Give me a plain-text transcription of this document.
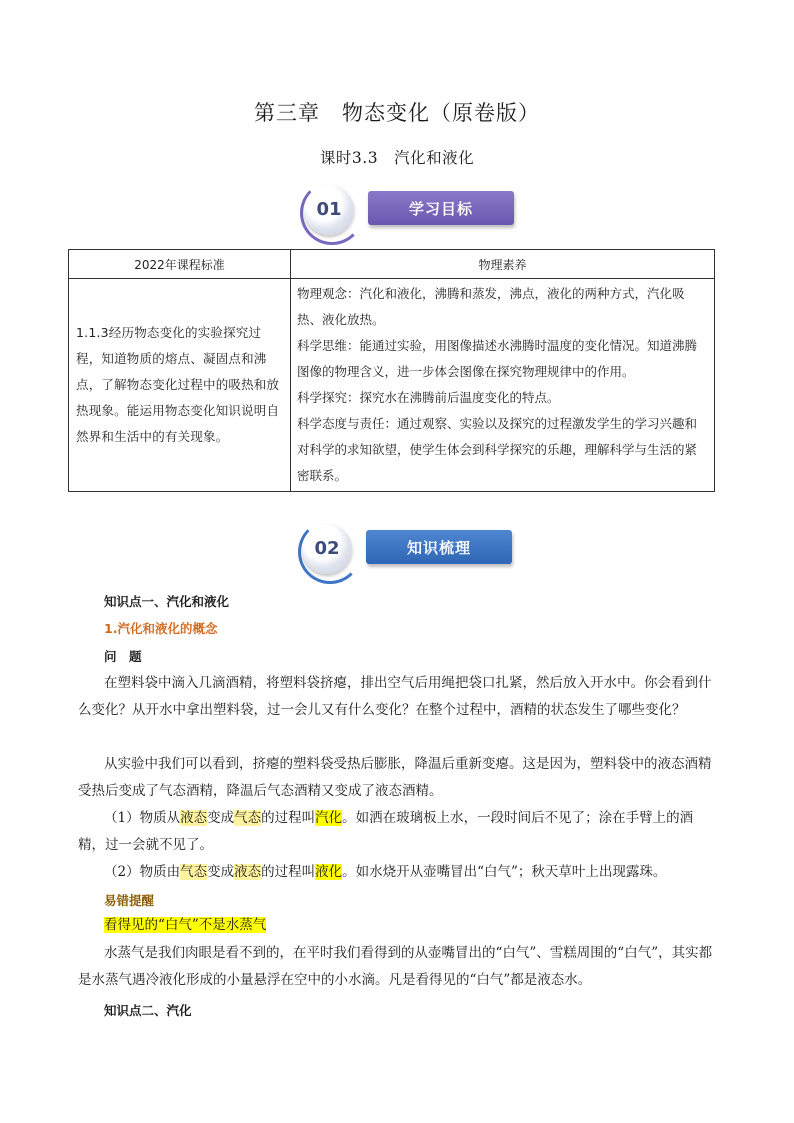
第三章　物态变化（原卷版）
课时3.3　汽化和液化
01	学习目标
2022年课程标准	物理素养
1.1.3经历物态变化的实验探究过程，知道物质的熔点、凝固点和沸点，了解物态变化过程中的吸热和放热现象。能运用物态变化知识说明自然界和生活中的有关现象。	物理观念：汽化和液化，沸腾和蒸发，沸点，液化的两种方式，汽化吸热、液化放热。

科学思维：能通过实验，用图像描述水沸腾时温度的变化情况。知道沸腾图像的物理含义，进一步体会图像在探究物理规律中的作用。

科学探究：探究水在沸腾前后温度变化的特点。

科学态度与责任：通过观察、实验以及探究的过程激发学生的学习兴趣和对科学的求知欲望，使学生体会到科学探究的乐趣，理解科学与生活的紧密联系。

02	知识梳理
知识点一、汽化和液化
1.汽化和液化的概念
问　题
在塑料袋中滴入几滴酒精，将塑料袋挤瘪，排出空气后用绳把袋口扎紧，然后放入开水中。你会看到什么变化？从开水中拿出塑料袋，过一会儿又有什么变化？在整个过程中，酒精的状态发生了哪些变化？
从实验中我们可以看到，挤瘪的塑料袋受热后膨胀，降温后重新变瘪。这是因为，塑料袋中的液态酒精受热后变成了气态酒精，降温后气态酒精又变成了液态酒精。
（1）物质从液态变成气态的过程叫汽化。如洒在玻璃板上水，一段时间后不见了；涂在手臂上的酒精，过一会就不见了。
（2）物质由气态变成液态的过程叫液化。如水烧开从壶嘴冒出“白气”；秋天草叶上出现露珠。
易错提醒
看得见的“白气”不是水蒸气
水蒸气是我们肉眼是看不到的，在平时我们看得到的从壶嘴冒出的“白气”、雪糕周围的“白气”，其实都是水蒸气遇冷液化形成的小量悬浮在空中的小水滴。凡是看得见的“白气”都是液态水。
知识点二、汽化
